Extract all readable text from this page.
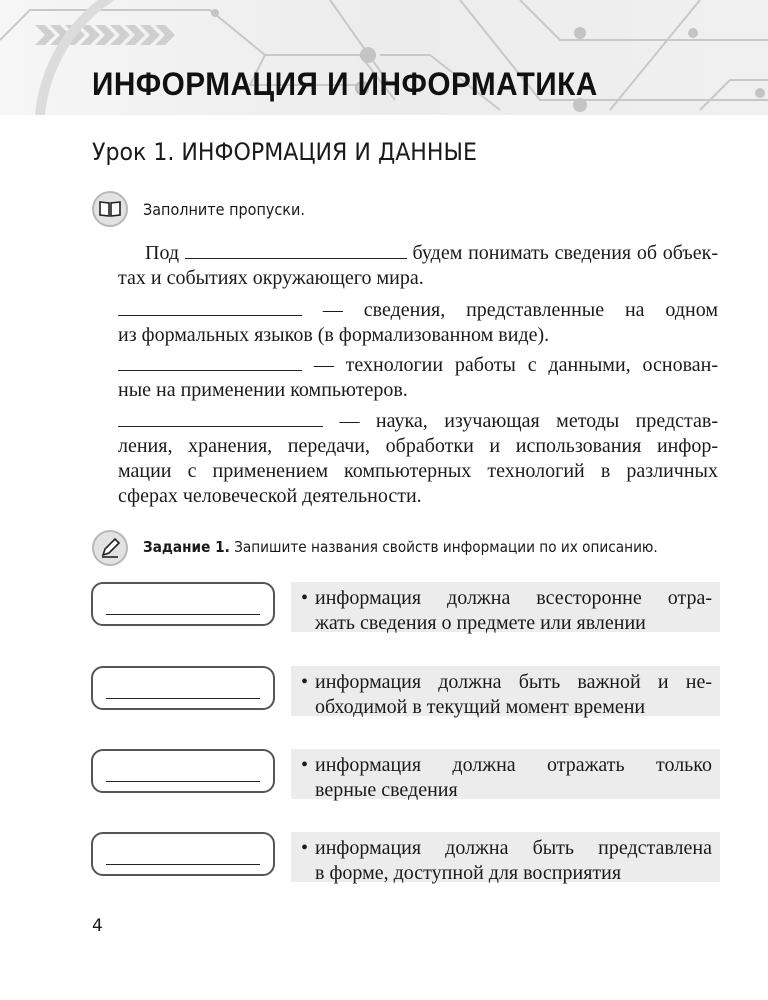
ИНФОРМАЦИЯ И ИНФОРМАТИКА
Урок 1. ИНФОРМАЦИЯ И ДАННЫЕ
Заполните пропуски.
Под	будем понимать сведения об объек-
тах и событиях окружающего мира.
— сведения, представленные на одном
из формальных языков (в формализованном виде).
— технологии работы с данными, основан-
ные на применении компьютеров.
— наука, изучающая методы представ-
ления, хранения, передачи, обработки и использования инфор-
мации с применением компьютерных технологий в различных
сферах человеческой деятельности.
Задание 1. Запишите названия свойств информации по их описанию.
• информация должна всесторонне отра-
жать сведения о предмете или явлении
• информация должна быть важной и не-
обходимой в текущий момент времени
• информация должна отражать только
верные сведения
• информация должна быть представлена
в форме, доступной для восприятия
4
